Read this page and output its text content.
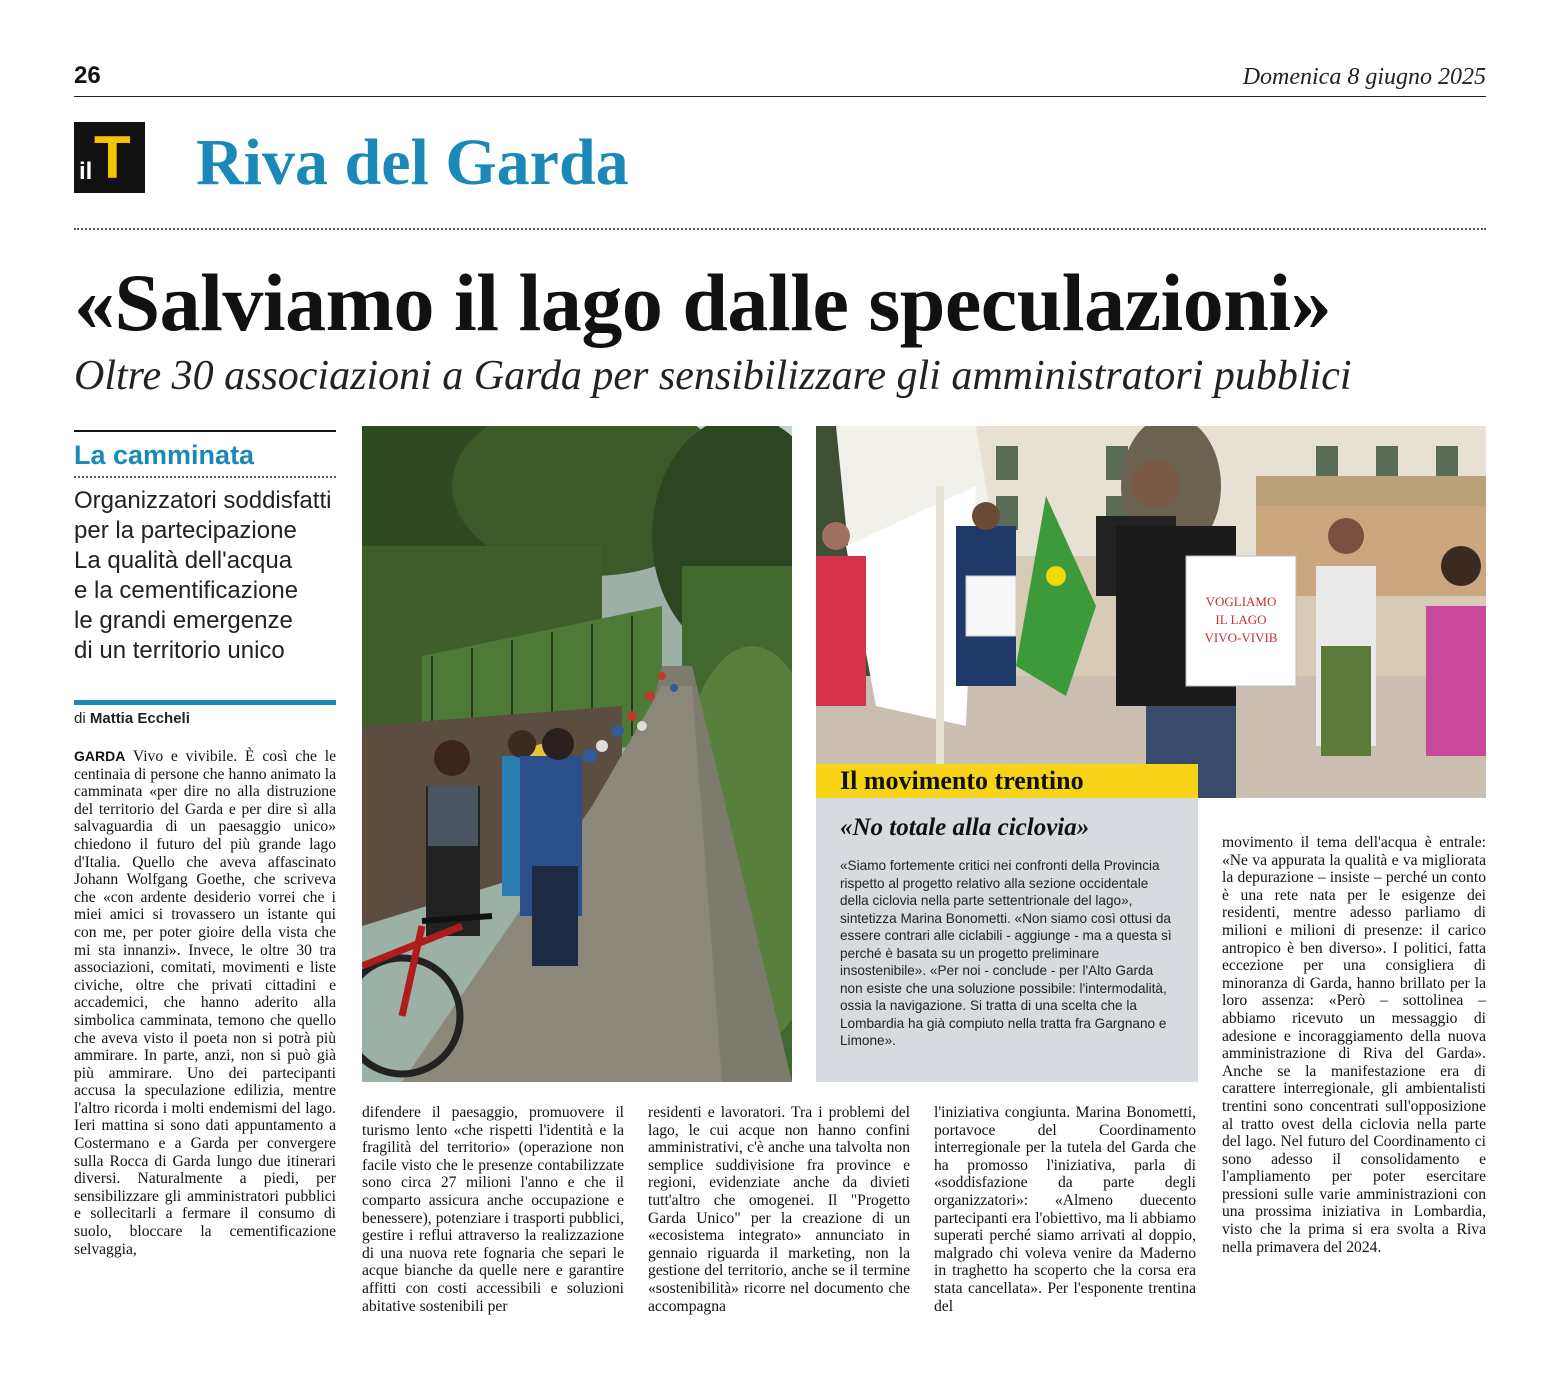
26	Domenica 8 giugno 2025
T
il Riva del Garda
«Salviamo il lago dalle speculazioni»
Oltre 30 associazioni a Garda per sensibilizzare gli amministratori pubblici
La camminata
Organizzatori soddisfatti
per la partecipazione
La qualità dell'acqua
e la cementificazione
le grandi emergenze
di un territorio unico
di Mattia Eccheli
GARDA Vivo e vivibile. È così che le centinaia di persone che hanno animato la camminata «per dire no alla distruzione del territorio del Garda e per dire sì alla salvaguardia di un paesaggio unico» chiedono il futuro del più grande lago d'Italia. Quello che aveva affascinato Johann Wolfgang Goethe, che scriveva che «con ardente desiderio vorrei che i miei amici si trovassero un istante qui con me, per poter gioire della vista che mi sta innanzi». Invece, le oltre 30 tra associazioni, comitati, movimenti e liste civiche, oltre che privati cittadini e accademici, che hanno aderito alla simbolica camminata, temono che quello che aveva visto il poeta non si potrà più ammirare. In parte, anzi, non si può già più ammirare. Uno dei partecipanti accusa la speculazione edilizia, mentre l'altro ricorda i molti endemismi del lago. Ieri mattina si sono dati appuntamento a Costermano e a Garda per convergere sulla Rocca di Garda lungo due itinerari diversi. Naturalmente a piedi, per sensibilizzare gli amministratori pubblici e sollecitarli a fermare il consumo di suolo, bloccare la cementificazione selvaggia,
difendere il paesaggio, promuovere il turismo lento «che rispetti l'identità e la fragilità del territorio» (operazione non facile visto che le presenze contabilizzate sono circa 27 milioni l'anno e che il comparto assicura anche occupazione e benessere), potenziare i trasporti pubblici, gestire i reflui attraverso la realizzazione di una nuova rete fognaria che separi le acque bianche da quelle nere e garantire affitti con costi accessibili e soluzioni abitative sostenibili per
residenti e lavoratori. Tra i problemi del lago, le cui acque non hanno confini amministrativi, c'è anche una talvolta non semplice suddivisione fra province e regioni, evidenziate anche da divieti tutt'altro che omogenei. Il "Progetto Garda Unico" per la creazione di un «ecosistema integrato» annunciato in gennaio riguarda il marketing, non la gestione del territorio, anche se il termine «sostenibilità» ricorre nel documento che accompagna
l'iniziativa congiunta. Marina Bonometti, portavoce del Coordinamento interregionale per la tutela del Garda che ha promosso l'iniziativa, parla di «soddisfazione da parte degli organizzatori»: «Almeno duecento partecipanti era l'obiettivo, ma li abbiamo superati perché siamo arrivati al doppio, malgrado chi voleva venire da Maderno in traghetto ha scoperto che la corsa era stata cancellata». Per l'esponente trentina del
movimento il tema dell'acqua è entrale: «Ne va appurata la qualità e va migliorata la depurazione – insiste – perché un conto è una rete nata per le esigenze dei residenti, mentre adesso parliamo di milioni e milioni di presenze: il carico antropico è ben diverso». I politici, fatta eccezione per una consigliera di minoranza di Garda, hanno brillato per la loro assenza: «Però – sottolinea – abbiamo ricevuto un messaggio di adesione e incoraggiamento della nuova amministrazione di Riva del Garda». Anche se la manifestazione era di carattere interregionale, gli ambientalisti trentini sono concentrati sull'opposizione al tratto ovest della ciclovia nella parte del lago. Nel futuro del Coordinamento ci sono adesso il consolidamento e l'ampliamento per poter esercitare pressioni sulle varie amministrazioni con una prossima iniziativa in Lombardia, visto che la prima si era svolta a Riva nella primavera del 2024.
VOGLIAMO
IL LAGO
VIVO-VIVIB
Il movimento trentino
«No totale alla ciclovia»
«Siamo fortemente critici nei confronti della Provincia rispetto al progetto relativo alla sezione occidentale della ciclovia nella parte settentrionale del lago», sintetizza Marina Bonometti. «Non siamo così ottusi da essere contrari alle ciclabili - aggiunge - ma a questa sì perché è basata su un progetto preliminare insostenibile». «Per noi - conclude - per l'Alto Garda non esiste che una soluzione possibile: l'intermodalità, ossia la navigazione. Si tratta di una scelta che la Lombardia ha già compiuto nella tratta fra Gargnano e Limone».
